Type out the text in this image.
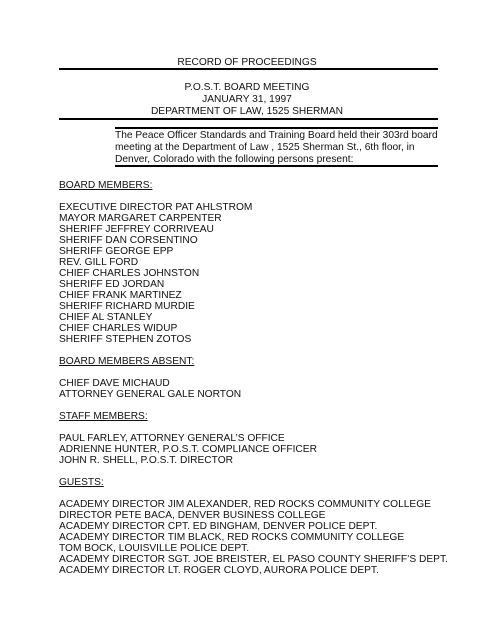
RECORD OF PROCEEDINGS
P.O.S.T. BOARD MEETING
JANUARY 31, 1997
DEPARTMENT OF LAW, 1525 SHERMAN
The Peace Officer Standards and Training Board held their 303rd board
meeting at the Department of Law , 1525 Sherman St., 6th floor, in
Denver, Colorado with the following persons present:
BOARD MEMBERS:
EXECUTIVE DIRECTOR PAT AHLSTROM
MAYOR MARGARET CARPENTER
SHERIFF JEFFREY CORRIVEAU
SHERIFF DAN CORSENTINO
SHERIFF GEORGE EPP
REV. GILL FORD
CHIEF CHARLES JOHNSTON
SHERIFF ED JORDAN
CHIEF FRANK MARTINEZ
SHERIFF RICHARD MURDIE
CHIEF AL STANLEY
CHIEF CHARLES WIDUP
SHERIFF STEPHEN ZOTOS
BOARD MEMBERS ABSENT:
CHIEF DAVE MICHAUD
ATTORNEY GENERAL GALE NORTON
STAFF MEMBERS:
PAUL FARLEY, ATTORNEY GENERAL’S OFFICE
ADRIENNE HUNTER, P.O.S.T. COMPLIANCE OFFICER
JOHN R. SHELL, P.O.S.T. DIRECTOR
GUESTS:
ACADEMY DIRECTOR JIM ALEXANDER, RED ROCKS COMMUNITY COLLEGE
DIRECTOR PETE BACA, DENVER BUSINESS COLLEGE
ACADEMY DIRECTOR CPT. ED BINGHAM, DENVER POLICE DEPT.
ACADEMY DIRECTOR TIM BLACK, RED ROCKS COMMUNITY COLLEGE
TOM BOCK, LOUISVILLE POLICE DEPT.
ACADEMY DIRECTOR SGT. JOE BREISTER, EL PASO COUNTY SHERIFF’S DEPT.
ACADEMY DIRECTOR LT. ROGER CLOYD, AURORA POLICE DEPT.
